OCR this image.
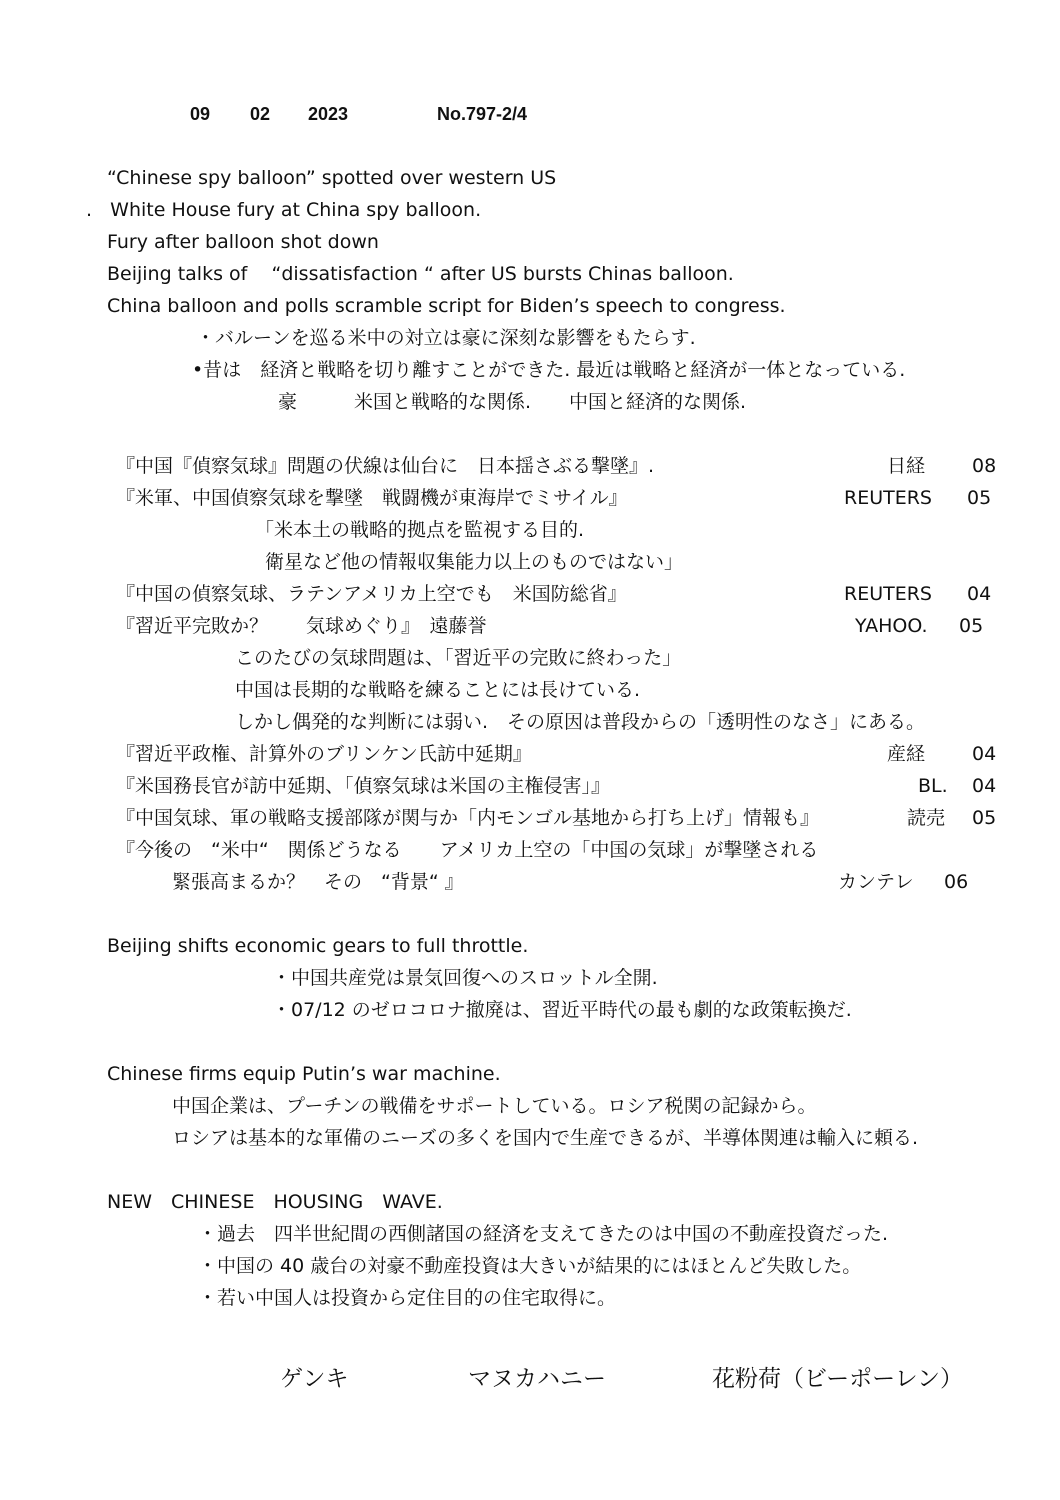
09 02 2023	No.797-2/4
“Chinese spy balloon” spotted over western US
.   White House fury at China spy balloon.
Fury after balloon shot down
Beijing talks of    “dissatisfaction “ after US bursts Chinas balloon.
China balloon and polls scramble script for Biden’s speech to congress.
・バルーンを巡る米中の対立は豪に深刻な影響をもたらす.
•昔は　経済と戦略を切り離すことができた. 最近は戦略と経済が一体となっている.
豪　　　米国と戦略的な関係.　　中国と経済的な関係.
『中国『偵察気球』問題の伏線は仙台に　日本揺さぶる撃墜』.	日経 08
『米軍、中国偵察気球を撃墜　戦闘機が東海岸でミサイル』	REUTERS 05
「米本土の戦略的拠点を監視する目的.
衛星など他の情報収集能力以上のものではない」
『中国の偵察気球、ラテンアメリカ上空でも　米国防総省』	REUTERS 04
『習近平完敗か？　　気球めぐり』　遠藤誉	YAHOO. 05
このたびの気球問題は、「習近平の完敗に終わった」
中国は長期的な戦略を練ることには長けている.
しかし偶発的な判断には弱い.　その原因は普段からの「透明性のなさ」にある。
『習近平政権、計算外のブリンケン氏訪中延期』	産経 04
『米国務長官が訪中延期、「偵察気球は米国の主権侵害」』	BL. 04
『中国気球、軍の戦略支援部隊が関与か「内モンゴル基地から打ち上げ」情報も』	読売 05
『今後の　“米中“　関係どうなる　　アメリカ上空の「中国の気球」が撃墜される
緊張高まるか？　その　“背景“ 』	カンテレ 06
Beijing shifts economic gears to full throttle.
・中国共産党は景気回復へのスロットル全開.
・07/12 のゼロコロナ撤廃は、習近平時代の最も劇的な政策転換だ.
Chinese firms equip Putin’s war machine.
中国企業は、プーチンの戦備をサポートしている。ロシア税関の記録から。
ロシアは基本的な軍備のニーズの多くを国内で生産できるが、半導体関連は輸入に頼る.
NEW　CHINESE　HOUSING　WAVE.
・過去　四半世紀間の西側諸国の経済を支えてきたのは中国の不動産投資だった.
・中国の 40 歳台の対豪不動産投資は大きいが結果的にはほとんど失敗した。
・若い中国人は投資から定住目的の住宅取得に。
ゲンキ	マヌカハニー	花粉荷（ビーポーレン）
